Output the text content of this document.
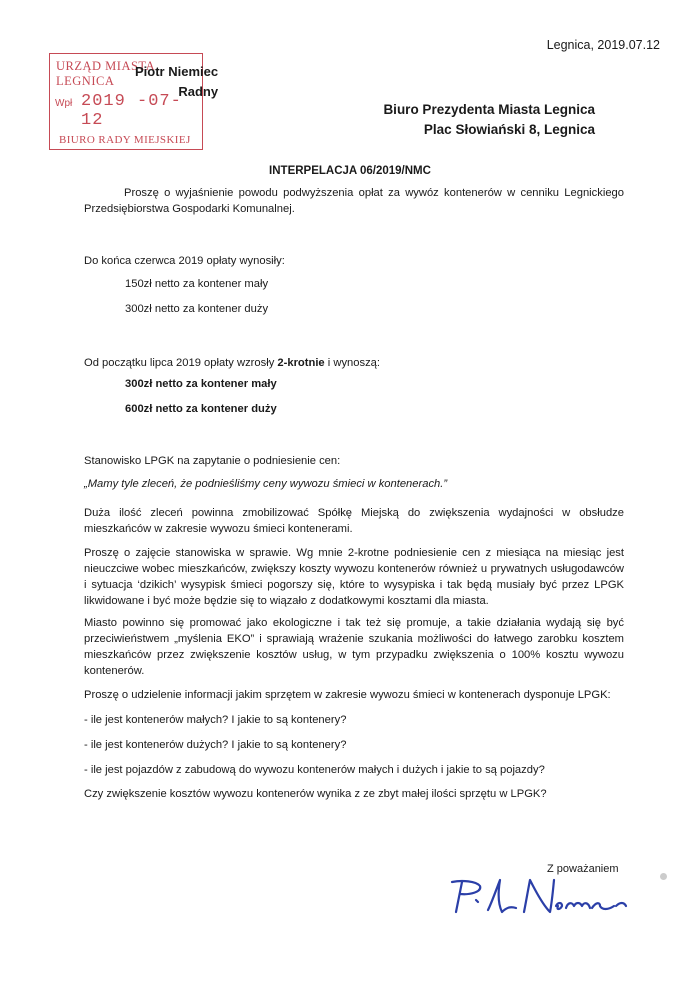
Legnica, 2019.07.12
URZĄD MIASTA LEGNICA
Wpł 2019 -07- 12
BIURO RADY MIEJSKIEJ
Piotr Niemiec
Radny
Biuro Prezydenta Miasta Legnica
Plac Słowiański 8, Legnica
INTERPELACJA 06/2019/NMC

Proszę o wyjaśnienie powodu podwyższenia opłat za wywóz kontenerów w cenniku Legnickiego Przedsiębiorstwa Gospodarki Komunalnej.

Do końca czerwca 2019 opłaty wynosiły:

150zł netto za kontener mały

300zł netto za kontener duży

Od początku lipca 2019 opłaty wzrosły 2-krotnie i wynoszą:

300zł netto za kontener mały

600zł netto za kontener duży

Stanowisko LPGK na zapytanie o podniesienie cen:

„Mamy tyle zleceń, że podnieśliśmy ceny wywozu śmieci w kontenerach.”

Duża ilość zleceń powinna zmobilizować Spółkę Miejską do zwiększenia wydajności w obsłudze mieszkańców w zakresie wywozu śmieci kontenerami.

Proszę o zajęcie stanowiska w sprawie. Wg mnie 2-krotne podniesienie cen z miesiąca na miesiąc jest nieuczciwe wobec mieszkańców, zwiększy koszty wywozu kontenerów również u prywatnych usługodawców i sytuacja ‘dzikich’ wysypisk śmieci pogorszy się, które to wysypiska i tak będą musiały być przez LPGK likwidowane i być może będzie się to wiązało z dodatkowymi kosztami dla miasta.

Miasto powinno się promować jako ekologiczne i tak też się promuje, a takie działania wydają się być przeciwieństwem „myślenia EKO” i sprawiają wrażenie szukania możliwości do łatwego zarobku kosztem mieszkańców przez zwiększenie kosztów usług, w tym przypadku zwiększenia o 100% kosztu wywozu kontenerów.

Proszę o udzielenie informacji jakim sprzętem w zakresie wywozu śmieci w kontenerach dysponuje LPGK:

- ile jest kontenerów małych? I jakie to są kontenery?

- ile jest kontenerów dużych? I jakie to są kontenery?

- ile jest pojazdów z zabudową do wywozu kontenerów małych i dużych i jakie to są pojazdy?

Czy zwiększenie kosztów wywozu kontenerów wynika z ze zbyt małej ilości sprzętu w LPGK?

Z poważaniem
